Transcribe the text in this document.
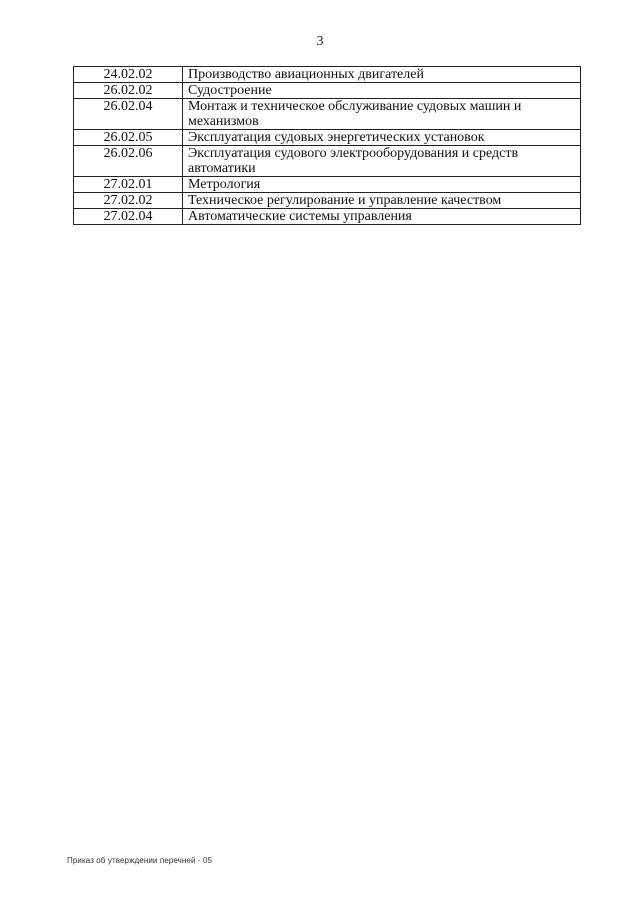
3
24.02.02	Производство авиационных двигателей
26.02.02	Судостроение
26.02.04	Монтаж и техническое обслуживание судовых машин и механизмов
26.02.05	Эксплуатация судовых энергетических установок
26.02.06	Эксплуатация судового электрооборудования и средств автоматики
27.02.01	Метрология
27.02.02	Техническое регулирование и управление качеством
27.02.04	Автоматические системы управления
Приказ об утверждении перечней - 05
